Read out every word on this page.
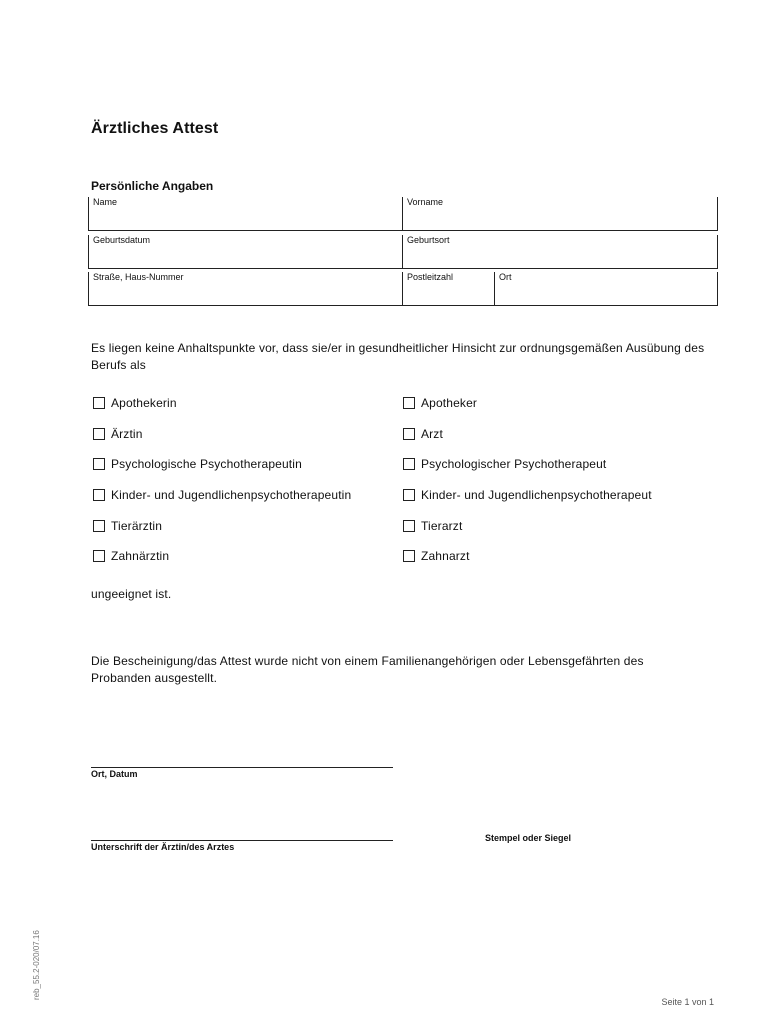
Ärztliches Attest
Persönliche Angaben
Name	Vorname
Geburtsdatum	Geburtsort
Straße, Haus-Nummer	Postleitzahl	Ort
Es liegen keine Anhaltspunkte vor, dass sie/er in gesundheitlicher Hinsicht zur ordnungsgemäßen Ausübung des Berufs als
Apothekerin
Ärztin
Psychologische Psychotherapeutin
Kinder- und Jugendlichenpsychotherapeutin
Tierärztin
Zahnärztin
Apotheker
Arzt
Psychologischer Psychotherapeut
Kinder- und Jugendlichenpsychotherapeut
Tierarzt
Zahnarzt
ungeeignet ist.
Die Bescheinigung/das Attest wurde nicht von einem Familienangehörigen oder Lebensgefährten des Probanden ausgestellt.
Ort, Datum
Unterschrift der Ärztin/des Arztes
Stempel oder Siegel
reb_55.2-020/07.16
Seite 1 von 1
